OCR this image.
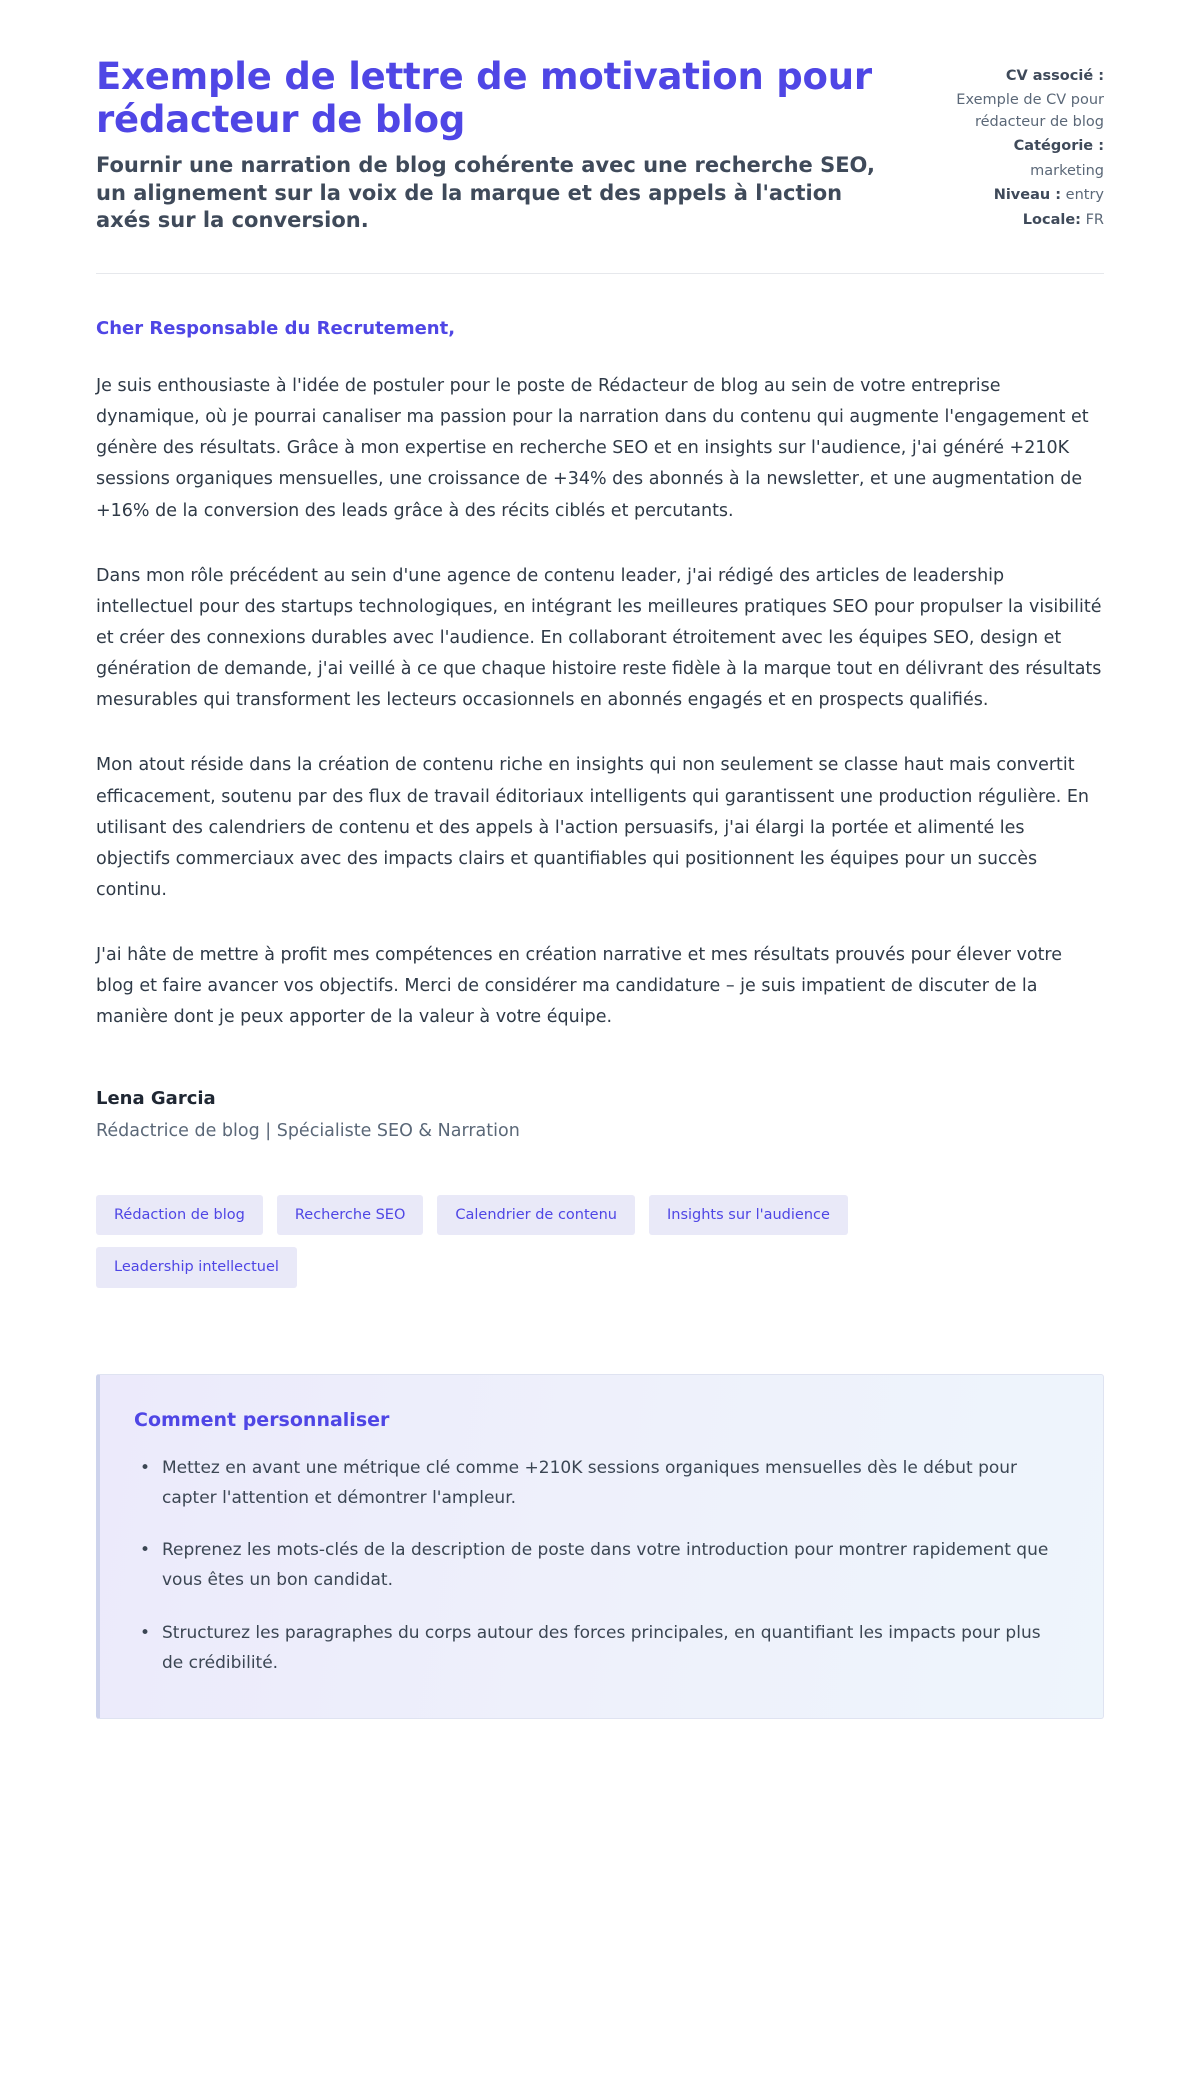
Exemple de lettre de motivation pour rédacteur de blog

Fournir une narration de blog cohérente avec une recherche SEO, un alignement sur la voix de la marque et des appels à l'action axés sur la conversion.

CV associé :
Exemple de CV pour rédacteur de blog
Catégorie :
marketing
Niveau : entry
Locale: FR

Cher Responsable du Recrutement,

Je suis enthousiaste à l'idée de postuler pour le poste de Rédacteur de blog au sein de votre entreprise dynamique, où je pourrai canaliser ma passion pour la narration dans du contenu qui augmente l'engagement et génère des résultats. Grâce à mon expertise en recherche SEO et en insights sur l'audience, j'ai généré +210K sessions organiques mensuelles, une croissance de +34% des abonnés à la newsletter, et une augmentation de +16% de la conversion des leads grâce à des récits ciblés et percutants.

Dans mon rôle précédent au sein d'une agence de contenu leader, j'ai rédigé des articles de leadership intellectuel pour des startups technologiques, en intégrant les meilleures pratiques SEO pour propulser la visibilité et créer des connexions durables avec l'audience. En collaborant étroitement avec les équipes SEO, design et génération de demande, j'ai veillé à ce que chaque histoire reste fidèle à la marque tout en délivrant des résultats mesurables qui transforment les lecteurs occasionnels en abonnés engagés et en prospects qualifiés.

Mon atout réside dans la création de contenu riche en insights qui non seulement se classe haut mais convertit efficacement, soutenu par des flux de travail éditoriaux intelligents qui garantissent une production régulière. En utilisant des calendriers de contenu et des appels à l'action persuasifs, j'ai élargi la portée et alimenté les objectifs commerciaux avec des impacts clairs et quantifiables qui positionnent les équipes pour un succès continu.

J'ai hâte de mettre à profit mes compétences en création narrative et mes résultats prouvés pour élever votre blog et faire avancer vos objectifs. Merci de considérer ma candidature – je suis impatient de discuter de la manière dont je peux apporter de la valeur à votre équipe.

Lena Garcia

Rédactrice de blog | Spécialiste SEO & Narration

Rédaction de blog	Recherche SEO	Calendrier de contenu	Insights sur l'audience
Leadership intellectuel
Comment personnaliser
• Mettez en avant une métrique clé comme +210K sessions organiques mensuelles dès le début pour capter l'attention et démontrer l'ampleur.
• Reprenez les mots-clés de la description de poste dans votre introduction pour montrer rapidement que vous êtes un bon candidat.
• Structurez les paragraphes du corps autour des forces principales, en quantifiant les impacts pour plus de crédibilité.
